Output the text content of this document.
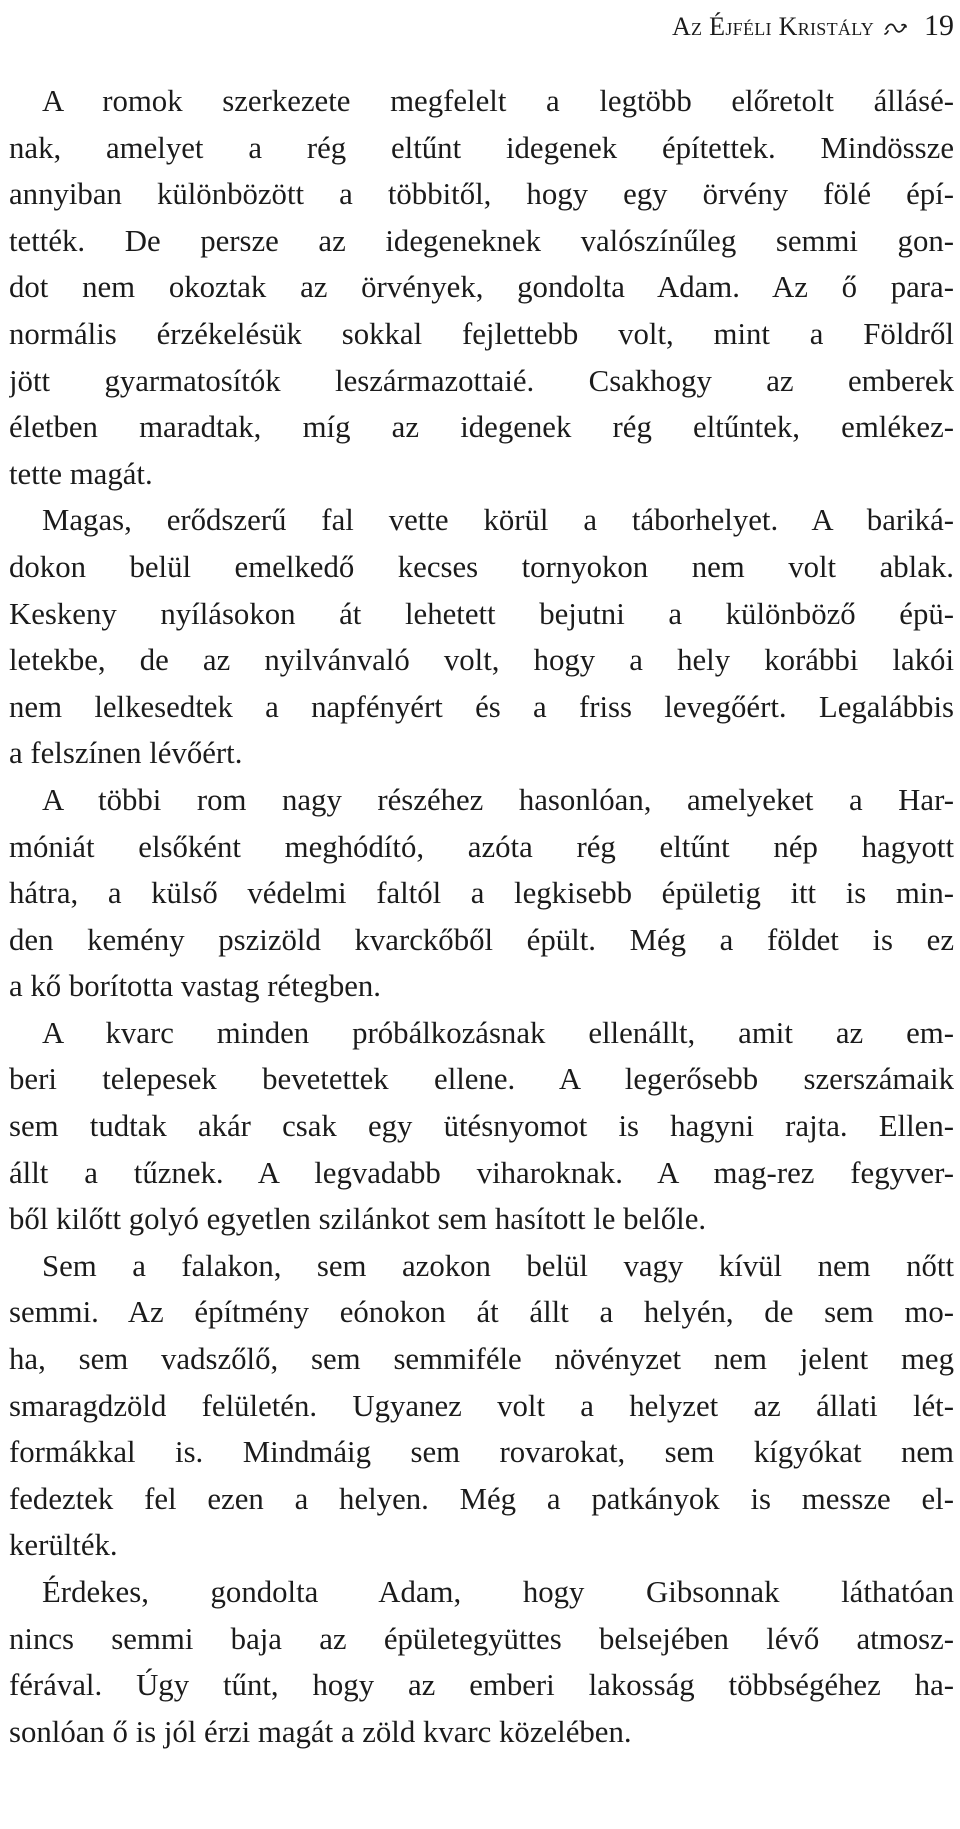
Az Éjféli Kristály 19
A romok szerkezete megfelelt a legtöbb előretolt állásé-
nak, amelyet a rég eltűnt idegenek építettek. Mindössze
annyiban különbözött a többitől, hogy egy örvény fölé épí-
tették. De persze az idegeneknek valószínűleg semmi gon-
dot nem okoztak az örvények, gondolta Adam. Az ő para-
normális érzékelésük sokkal fejlettebb volt, mint a Földről
jött gyarmatosítók leszármazottaié. Csakhogy az emberek
életben maradtak, míg az idegenek rég eltűntek, emlékez-
tette magát.
Magas, erődszerű fal vette körül a táborhelyet. A bariká-
dokon belül emelkedő kecses tornyokon nem volt ablak.
Keskeny nyílásokon át lehetett bejutni a különböző épü-
letekbe, de az nyilvánvaló volt, hogy a hely korábbi lakói
nem lelkesedtek a napfényért és a friss levegőért. Legalábbis
a felszínen lévőért.
A többi rom nagy részéhez hasonlóan, amelyeket a Har-
móniát elsőként meghódító, azóta rég eltűnt nép hagyott
hátra, a külső védelmi faltól a legkisebb épületig itt is min-
den kemény pszizöld kvarckőből épült. Még a földet is ez
a kő borította vastag rétegben.
A kvarc minden próbálkozásnak ellenállt, amit az em-
beri telepesek bevetettek ellene. A legerősebb szerszámaik
sem tudtak akár csak egy ütésnyomot is hagyni rajta. Ellen-
állt a tűznek. A legvadabb viharoknak. A mag-rez fegyver-
ből kilőtt golyó egyetlen szilánkot sem hasított le belőle.
Sem a falakon, sem azokon belül vagy kívül nem nőtt
semmi. Az építmény eónokon át állt a helyén, de sem mo-
ha, sem vadszőlő, sem semmiféle növényzet nem jelent meg
smaragdzöld felületén. Ugyanez volt a helyzet az állati lét-
formákkal is. Mindmáig sem rovarokat, sem kígyókat nem
fedeztek fel ezen a helyen. Még a patkányok is messze el-
kerülték.
Érdekes, gondolta Adam, hogy Gibsonnak láthatóan
nincs semmi baja az épületegyüttes belsejében lévő atmosz-
férával. Úgy tűnt, hogy az emberi lakosság többségéhez ha-
sonlóan ő is jól érzi magát a zöld kvarc közelében.
